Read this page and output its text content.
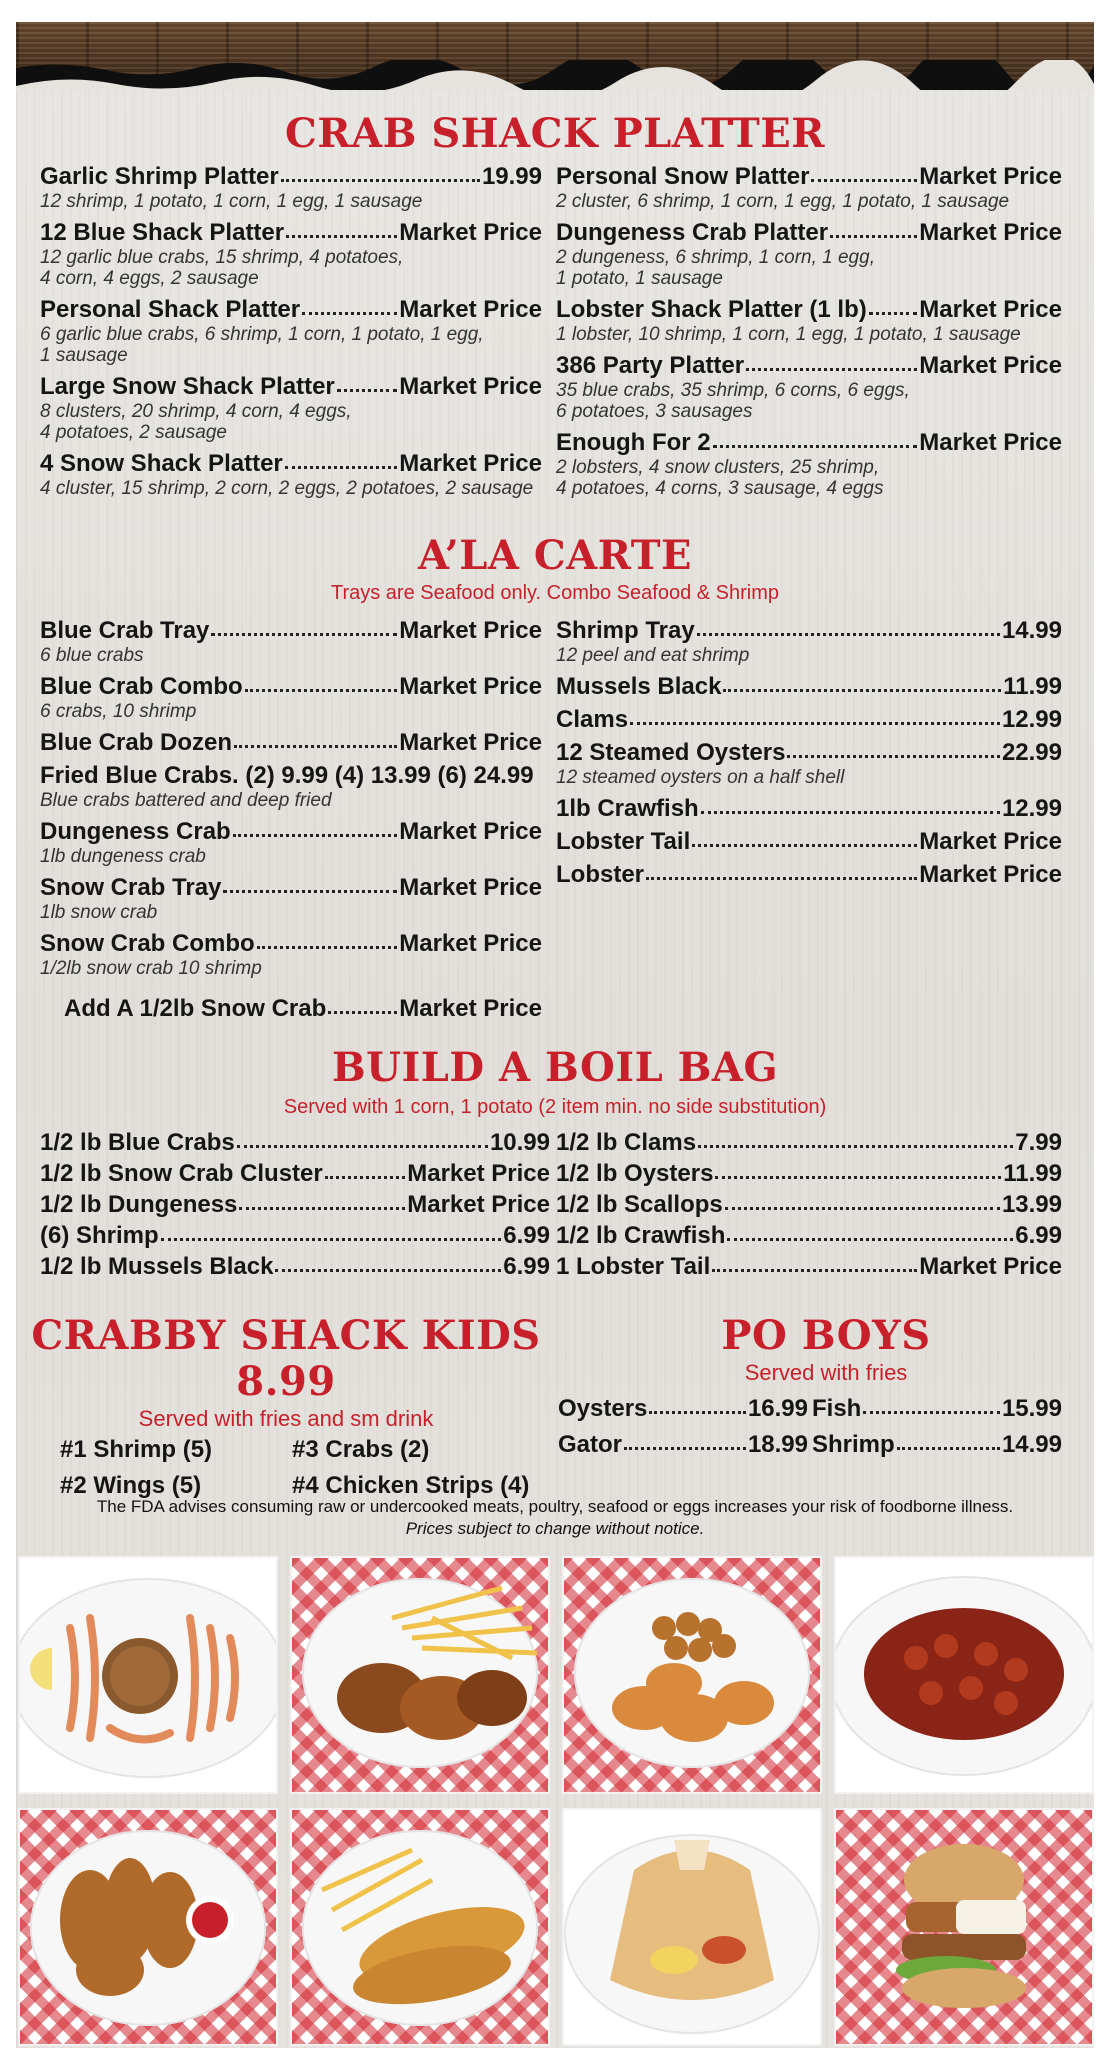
CRAB SHACK PLATTER
Garlic Shrimp Platter	19.99
12 shrimp, 1 potato, 1 corn, 1 egg, 1 sausage
12 Blue Shack Platter	Market Price
12 garlic blue crabs, 15 shrimp, 4 potatoes,
4 corn, 4 eggs, 2 sausage
Personal Shack Platter	Market Price
6 garlic blue crabs, 6 shrimp, 1 corn, 1 potato, 1 egg,
1 sausage
Large Snow Shack Platter	Market Price
8 clusters, 20 shrimp, 4 corn, 4 eggs,
4 potatoes, 2 sausage
4 Snow Shack Platter	Market Price
4 cluster, 15 shrimp, 2 corn, 2 eggs, 2 potatoes, 2 sausage
Personal Snow Platter	Market Price
2 cluster, 6 shrimp, 1 corn, 1 egg, 1 potato, 1 sausage
Dungeness Crab Platter	Market Price
2 dungeness, 6 shrimp, 1 corn, 1 egg,
1 potato, 1 sausage
Lobster Shack Platter (1 lb) Market Price
1 lobster, 10 shrimp, 1 corn, 1 egg, 1 potato, 1 sausage
386 Party Platter	Market Price
35 blue crabs, 35 shrimp, 6 corns, 6 eggs,
6 potatoes, 3 sausages
Enough For 2	Market Price
2 lobsters, 4 snow clusters, 25 shrimp,
4 potatoes, 4 corns, 3 sausage, 4 eggs
A’LA CARTE
Trays are Seafood only. Combo Seafood & Shrimp
Blue Crab Tray	Market Price
6 blue crabs
Blue Crab Combo	Market Price
6 crabs, 10 shrimp
Blue Crab Dozen	Market Price
Fried Blue Crabs. (2) 9.99 (4) 13.99 (6) 24.99
Blue crabs battered and deep fried
Dungeness Crab	Market Price
1lb dungeness crab
Snow Crab Tray	Market Price
1lb snow crab
Snow Crab Combo	Market Price
1/2lb snow crab 10 shrimp
Shrimp Tray	14.99
12 peel and eat shrimp
Mussels Black	11.99
Clams	12.99
12 Steamed Oysters	22.99
12 steamed oysters on a half shell
1lb Crawfish	12.99
Lobster Tail	Market Price
Lobster	Market Price
Add A 1/2lb Snow Crab	Market Price
BUILD A BOIL BAG
Served with 1 corn, 1 potato (2 item min. no side substitution)
1/2 lb Blue Crabs	10.99
1/2 lb Snow Crab Cluster	Market Price
1/2 lb Dungeness	Market Price
(6) Shrimp	6.99
1/2 lb Mussels Black	6.99
1/2 lb Clams	7.99
1/2 lb Oysters	11.99
1/2 lb Scallops	13.99
1/2 lb Crawfish	6.99
1 Lobster Tail	Market Price
CRABBY SHACK KIDS
8.99
Served with fries and sm drink
#1 Shrimp (5)	#3 Crabs (2)
#2 Wings (5)	#4 Chicken Strips (4)
PO BOYS
Served with fries
Oysters	16.99 Fish	15.99
Gator	18.99 Shrimp	14.99
The FDA advises consuming raw or undercooked meats, poultry, seafood or eggs increases your risk of foodborne illness.
Prices subject to change without notice.
